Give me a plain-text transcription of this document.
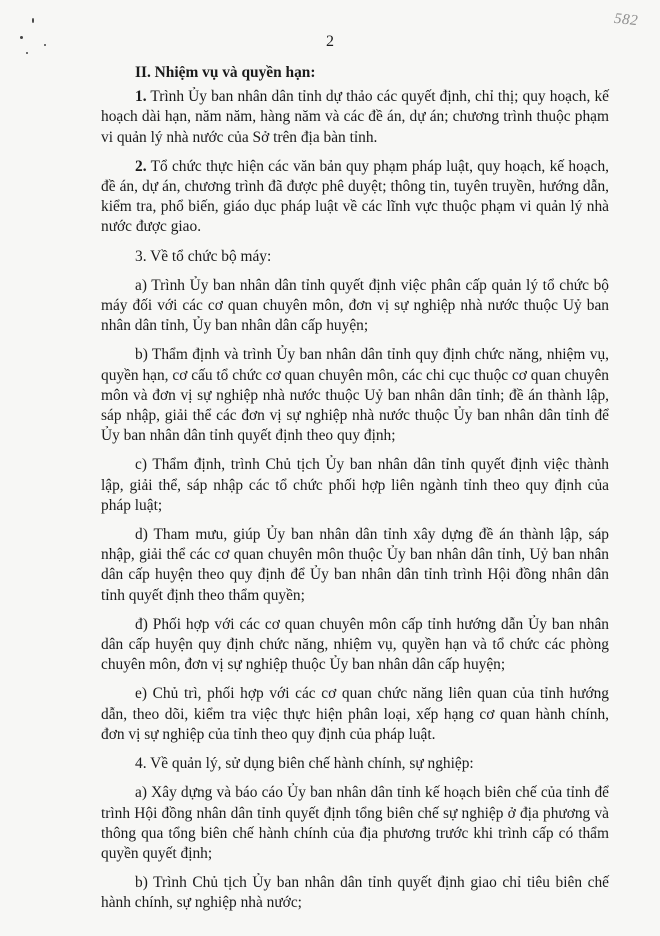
582
2
II. Nhiệm vụ và quyền hạn:

1. Trình Ủy ban nhân dân tỉnh dự thảo các quyết định, chỉ thị; quy hoạch, kế hoạch dài hạn, năm năm, hàng năm và các đề án, dự án; chương trình thuộc phạm vi quản lý nhà nước của Sở trên địa bàn tỉnh.

2. Tổ chức thực hiện các văn bản quy phạm pháp luật, quy hoạch, kế hoạch, đề án, dự án, chương trình đã được phê duyệt; thông tin, tuyên truyền, hướng dẫn, kiểm tra, phổ biến, giáo dục pháp luật về các lĩnh vực thuộc phạm vi quản lý nhà nước được giao.

3. Về tổ chức bộ máy:

a) Trình Ủy ban nhân dân tỉnh quyết định việc phân cấp quản lý tổ chức bộ máy đối với các cơ quan chuyên môn, đơn vị sự nghiệp nhà nước thuộc Uỷ ban nhân dân tỉnh, Ủy ban nhân dân cấp huyện;

b) Thẩm định và trình Ủy ban nhân dân tỉnh quy định chức năng, nhiệm vụ, quyền hạn, cơ cấu tổ chức cơ quan chuyên môn, các chi cục thuộc cơ quan chuyên môn và đơn vị sự nghiệp nhà nước thuộc Uỷ ban nhân dân tỉnh; đề án thành lập, sáp nhập, giải thể các đơn vị sự nghiệp nhà nước thuộc Ủy ban nhân dân tỉnh để Ủy ban nhân dân tỉnh quyết định theo quy định;

c) Thẩm định, trình Chủ tịch Ủy ban nhân dân tỉnh quyết định việc thành lập, giải thể, sáp nhập các tổ chức phối hợp liên ngành tỉnh theo quy định của pháp luật;

d) Tham mưu, giúp Ủy ban nhân dân tỉnh xây dựng đề án thành lập, sáp nhập, giải thể các cơ quan chuyên môn thuộc Ủy ban nhân dân tỉnh, Uỷ ban nhân dân cấp huyện theo quy định để Ủy ban nhân dân tỉnh trình Hội đồng nhân dân tỉnh quyết định theo thẩm quyền;

đ) Phối hợp với các cơ quan chuyên môn cấp tỉnh hướng dẫn Ủy ban nhân dân cấp huyện quy định chức năng, nhiệm vụ, quyền hạn và tổ chức các phòng chuyên môn, đơn vị sự nghiệp thuộc Ủy ban nhân dân cấp huyện;

e) Chủ trì, phối hợp với các cơ quan chức năng liên quan của tỉnh hướng dẫn, theo dõi, kiểm tra việc thực hiện phân loại, xếp hạng cơ quan hành chính, đơn vị sự nghiệp của tỉnh theo quy định của pháp luật.

4. Về quản lý, sử dụng biên chế hành chính, sự nghiệp:

a) Xây dựng và báo cáo Ủy ban nhân dân tỉnh kế hoạch biên chế của tỉnh để trình Hội đồng nhân dân tỉnh quyết định tổng biên chế sự nghiệp ở địa phương và thông qua tổng biên chế hành chính của địa phương trước khi trình cấp có thẩm quyền quyết định;

b) Trình Chủ tịch Ủy ban nhân dân tỉnh quyết định giao chỉ tiêu biên chế hành chính, sự nghiệp nhà nước;
